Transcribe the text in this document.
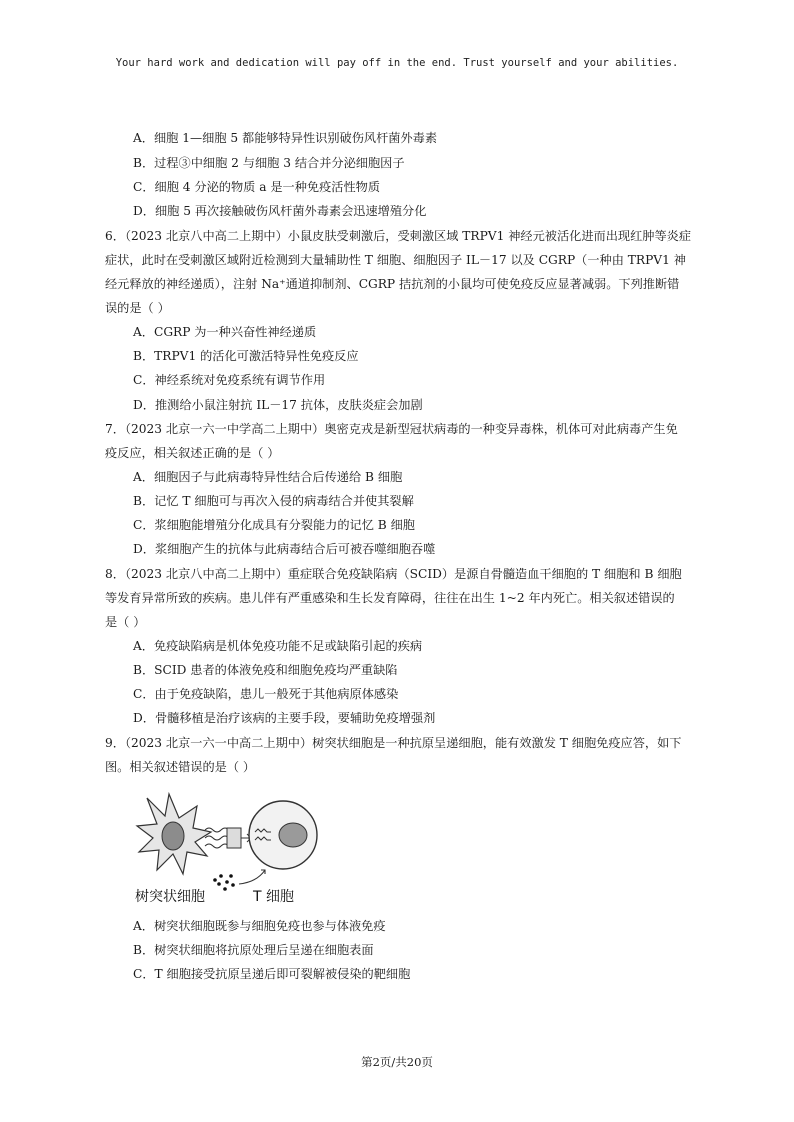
Your hard work and dedication will pay off in the end. Trust yourself and your abilities.
A．细胞 1—细胞 5 都能够特异性识别破伤风杆菌外毒素
B．过程③中细胞 2 与细胞 3 结合并分泌细胞因子
C．细胞 4 分泌的物质 a 是一种免疫活性物质
D．细胞 5 再次接触破伤风杆菌外毒素会迅速增殖分化
6．（2023 北京八中高二上期中）小鼠皮肤受刺激后，受刺激区域 TRPV1 神经元被活化进而出现红肿等炎症
症状，此时在受刺激区域附近检测到大量辅助性 T 细胞、细胞因子 IL－17 以及 CGRP（一种由 TRPV1 神
经元释放的神经递质），注射 Na⁺通道抑制剂、CGRP 拮抗剂的小鼠均可使免疫反应显著减弱。下列推断错
误的是（ ）
A．CGRP 为一种兴奋性神经递质
B．TRPV1 的活化可激活特异性免疫反应
C．神经系统对免疫系统有调节作用
D．推测给小鼠注射抗 IL－17 抗体，皮肤炎症会加剧
7．（2023 北京一六一中学高二上期中）奥密克戎是新型冠状病毒的一种变异毒株，机体可对此病毒产生免
疫反应，相关叙述正确的是（ ）
A．细胞因子与此病毒特异性结合后传递给 B 细胞
B．记忆 T 细胞可与再次入侵的病毒结合并使其裂解
C．浆细胞能增殖分化成具有分裂能力的记忆 B 细胞
D．浆细胞产生的抗体与此病毒结合后可被吞噬细胞吞噬
8．（2023 北京八中高二上期中）重症联合免疫缺陷病（SCID）是源自骨髓造血干细胞的 T 细胞和 B 细胞
等发育异常所致的疾病。患儿伴有严重感染和生长发育障碍，往往在出生 1~2 年内死亡。相关叙述错误的
是（ ）
A．免疫缺陷病是机体免疫功能不足或缺陷引起的疾病
B．SCID 患者的体液免疫和细胞免疫均严重缺陷
C．由于免疫缺陷，患儿一般死于其他病原体感染
D．骨髓移植是治疗该病的主要手段，要辅助免疫增强剂
9．（2023 北京一六一中高二上期中）树突状细胞是一种抗原呈递细胞，能有效激发 T 细胞免疫应答，如下
图。相关叙述错误的是（ ）
树突状细胞	T 细胞
A．树突状细胞既参与细胞免疫也参与体液免疫
B．树突状细胞将抗原处理后呈递在细胞表面
C．T 细胞接受抗原呈递后即可裂解被侵染的靶细胞
第2页/共20页
